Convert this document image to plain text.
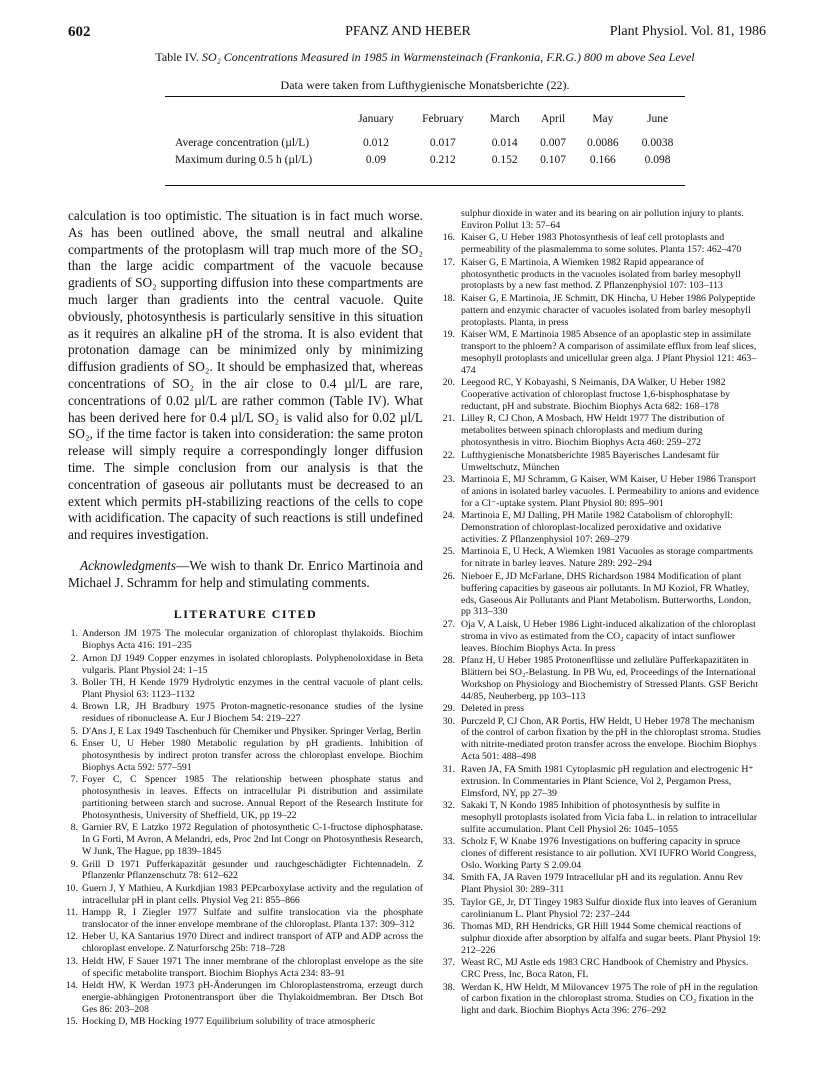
602	PFANZ AND HEBER	Plant Physiol. Vol. 81, 1986
Table IV. SO₂ Concentrations Measured in 1985 in Warmensteinach (Frankonia, F.R.G.) 800 m above Sea Level
Data were taken from Lufthygienische Monatsberichte (22).
	January	February	March	April	May	June
Average concentration (µl/L)	0.012	0.017	0.014	0.007	0.0086	0.0038
Maximum during 0.5 h (µl/L)	0.09	0.212	0.152	0.107	0.166	0.098

calculation is too optimistic. The situation is in fact much worse. As has been outlined above, the small neutral and alkaline compartments of the protoplasm will trap much more of the SO₂ than the large acidic compartment of the vacuole because gradients of SO₂ supporting diffusion into these compartments are much larger than gradients into the central vacuole. Quite obviously, photosynthesis is particularly sensitive in this situation as it requires an alkaline pH of the stroma. It is also evident that protonation damage can be minimized only by minimizing diffusion gradients of SO₂. It should be emphasized that, whereas concentrations of SO₂ in the air close to 0.4 µl/L are rare, concentrations of 0.02 µl/L are rather common (Table IV). What has been derived here for 0.4 µl/L SO₂ is valid also for 0.02 µl/L SO₂, if the time factor is taken into consideration: the same proton release will simply require a correspondingly longer diffusion time. The simple conclusion from our analysis is that the concentration of gaseous air pollutants must be decreased to an extent which permits pH-stabilizing reactions of the cells to cope with acidification. The capacity of such reactions is still undefined and requires investigation.

Acknowledgments—We wish to thank Dr. Enrico Martinoia and Michael J. Schramm for help and stimulating comments.

LITERATURE CITED
1. Anderson JM 1975 The molecular organization of chloroplast thylakoids. Biochim Biophys Acta 416: 191–235
2. Arnon DJ 1949 Copper enzymes in isolated chloroplasts. Polyphenoloxidase in Beta vulgaris. Plant Physiol 24: 1–15
3. Boller TH, H Kende 1979 Hydrolytic enzymes in the central vacuole of plant cells. Plant Physiol 63: 1123–1132
4. Brown LR, JH Bradbury 1975 Proton-magnetic-resonance studies of the lysine residues of ribonuclease A. Eur J Biochem 54: 219–227
5. D'Ans J, E Lax 1949 Taschenbuch für Chemiker und Physiker. Springer Verlag, Berlin
6. Enser U, U Heber 1980 Metabolic regulation by pH gradients. Inhibition of photosynthesis by indirect proton transfer across the chloroplast envelope. Biochim Biophys Acta 592: 577–591
7. Foyer C, C Spencer 1985 The relationship between phosphate status and photosynthesis in leaves. Effects on intracellular Pi distribution and assimilate partitioning between starch and sucrose. Annual Report of the Research Institute for Photosynthesis, University of Sheffield, UK, pp 19–22
8. Garnier RV, E Latzko 1972 Regulation of photosynthetic C-1-fructose diphosphatase. In G Forti, M Avron, A Melandri, eds, Proc 2nd Int Congr on Photosynthesis Research, W Junk, The Hague, pp 1839–1845
9. Grill D 1971 Pufferkapazität gesunder und rauchgeschädigter Fichtennadeln. Z Pflanzenkr Pflanzenschutz 78: 612–622
10. Guern J, Y Mathieu, A Kurkdjian 1983 PEPcarboxylase activity and the regulation of intracellular pH in plant cells. Physiol Veg 21: 855–866
11. Hampp R, I Ziegler 1977 Sulfate and sulfite translocation via the phosphate translocator of the inner envelope membrane of the chloroplast. Planta 137: 309–312
12. Heber U, KA Santarius 1970 Direct and indirect transport of ATP and ADP across the chloroplast envelope. Z Naturforschg 25b: 718–728
13. Heldt HW, F Sauer 1971 The inner membrane of the chloroplast envelope as the site of specific metabolite transport. Biochim Biophys Acta 234: 83–91
14. Heldt HW, K Werdan 1973 pH-Änderungen im Chloroplastenstroma, erzeugt durch energie-abhängigen Protonentransport über die Thylakoidmembran. Ber Dtsch Bot Ges 86: 203–208
15. Hocking D, MB Hocking 1977 Equilibrium solubility of trace atmospheric
sulphur dioxide in water and its bearing on air pollution injury to plants. Environ Pollut 13: 57–64
16. Kaiser G, U Heber 1983 Photosynthesis of leaf cell protoplasts and permeability of the plasmalemma to some solutes. Planta 157: 462–470
17. Kaiser G, E Martinoia, A Wiemken 1982 Rapid appearance of photosynthetic products in the vacuoles isolated from barley mesophyll protoplasts by a new fast method. Z Pflanzenphysiol 107: 103–113
18. Kaiser G, E Martinoia, JE Schmitt, DK Hincha, U Heber 1986 Polypeptide pattern and enzymic character of vacuoles isolated from barley mesophyll protoplasts. Planta, in press
19. Kaiser WM, E Martinoia 1985 Absence of an apoplastic step in assimilate transport to the phloem? A comparison of assimilate efflux from leaf slices, mesophyll protoplasts and unicellular green alga. J Plant Physiol 121: 463–474
20. Leegood RC, Y Kobayashi, S Neimanis, DA Walker, U Heber 1982 Cooperative activation of chloroplast fructose 1,6-bisphosphatase by reductant, pH and substrate. Biochim Biophys Acta 682: 168–178
21. Lilley R, CJ Chon, A Mosbach, HW Heldt 1977 The distribution of metabolites between spinach chloroplasts and medium during photosynthesis in vitro. Biochim Biophys Acta 460: 259–272
22. Lufthygienische Monatsberichte 1985 Bayerisches Landesamt für Umweltschutz, München
23. Martinoia E, MJ Schramm, G Kaiser, WM Kaiser, U Heber 1986 Transport of anions in isolated barley vacuoles. I. Permeability to anions and evidence for a Cl⁻-uptake system. Plant Physiol 80: 895–901
24. Martinoia E, MJ Dalling, PH Matile 1982 Catabolism of chlorophyll: Demonstration of chloroplast-localized peroxidative and oxidative activities. Z Pflanzenphysiol 107: 269–279
25. Martinoia E, U Heck, A Wiemken 1981 Vacuoles as storage compartments for nitrate in barley leaves. Nature 289: 292–294
26. Nieboer E, JD McFarlane, DHS Richardson 1984 Modification of plant buffering capacities by gaseous air pollutants. In MJ Koziol, FR Whatley, eds, Gaseous Air Pollutants and Plant Metabolism. Butterworths, London, pp 313–330
27. Oja V, A Laisk, U Heber 1986 Light-induced alkalization of the chloroplast stroma in vivo as estimated from the CO₂ capacity of intact sunflower leaves. Biochim Biophys Acta. In press
28. Pfanz H, U Heber 1985 Protonenflüsse und zelluläre Pufferkapazitäten in Blättern bei SO₂-Belastung. In PB Wu, ed, Proceedings of the International Workshop on Physiology and Biochemistry of Stressed Plants. GSF Bericht 44/85, Neuherberg, pp 103–113
29. Deleted in press
30. Purczeld P, CJ Chon, AR Portis, HW Heldt, U Heber 1978 The mechanism of the control of carbon fixation by the pH in the chloroplast stroma. Studies with nitrite-mediated proton transfer across the envelope. Biochim Biophys Acta 501: 488–498
31. Raven JA, FA Smith 1981 Cytoplasmic pH regulation and electrogenic H⁺ extrusion. In Commentaries in Plant Science, Vol 2, Pergamon Press, Elmsford, NY, pp 27–39
32. Sakaki T, N Kondo 1985 Inhibition of photosynthesis by sulfite in mesophyll protoplasts isolated from Vicia faba L. in relation to intracellular sulfite accumulation. Plant Cell Physiol 26: 1045–1055
33. Scholz F, W Knabe 1976 Investigations on buffering capacity in spruce clones of different resistance to air pollution. XVI IUFRO World Congress, Oslo. Working Party S 2.09.04
34. Smith FA, JA Raven 1979 Intracellular pH and its regulation. Annu Rev Plant Physiol 30: 289–311
35. Taylor GE, Jr, DT Tingey 1983 Sulfur dioxide flux into leaves of Geranium carolinianum L. Plant Physiol 72: 237–244
36. Thomas MD, RH Hendricks, GR Hill 1944 Some chemical reactions of sulphur dioxide after absorption by alfalfa and sugar beets. Plant Physiol 19: 212–226
37. Weast RC, MJ Astle eds 1983 CRC Handbook of Chemistry and Physics. CRC Press, Inc, Boca Raton, FL
38. Werdan K, HW Heldt, M Milovancev 1975 The role of pH in the regulation of carbon fixation in the chloroplast stroma. Studies on CO₂ fixation in the light and dark. Biochim Biophys Acta 396: 276–292
